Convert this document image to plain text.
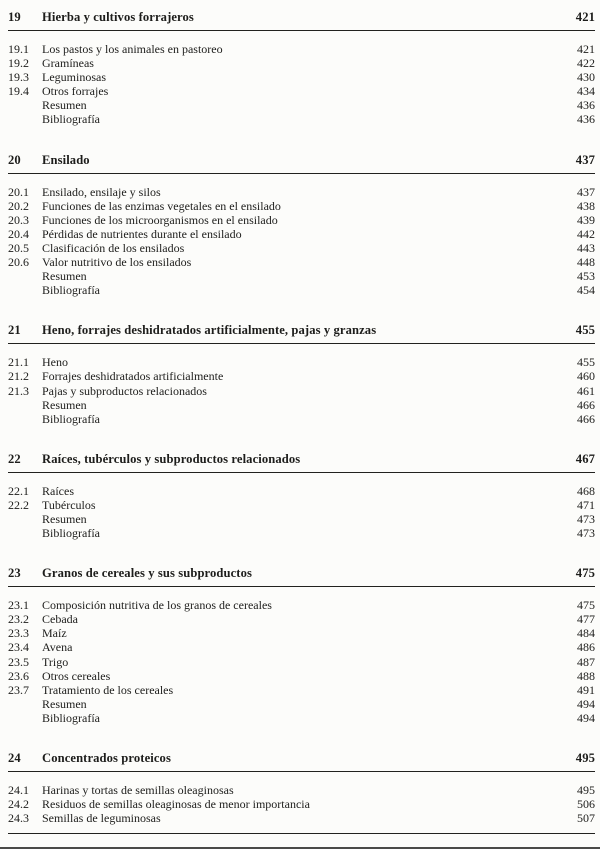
19	Hierba y cultivos forrajeros	421
19.1	Los pastos y los animales en pastoreo	421
19.2	Gramíneas	422
19.3	Leguminosas	430
19.4	Otros forrajes	434
Resumen	436
Bibliografía	436
20	Ensilado	437
20.1	Ensilado, ensilaje y silos	437
20.2	Funciones de las enzimas vegetales en el ensilado	438
20.3	Funciones de los microorganismos en el ensilado	439
20.4	Pérdidas de nutrientes durante el ensilado	442
20.5	Clasificación de los ensilados	443
20.6	Valor nutritivo de los ensilados	448
Resumen	453
Bibliografía	454
21	Heno, forrajes deshidratados artificialmente, pajas y granzas	455
21.1	Heno	455
21.2	Forrajes deshidratados artificialmente	460
21.3	Pajas y subproductos relacionados	461
Resumen	466
Bibliografía	466
22	Raíces, tubérculos y subproductos relacionados	467
22.1	Raíces	468
22.2	Tubérculos	471
Resumen	473
Bibliografía	473
23	Granos de cereales y sus subproductos	475
23.1	Composición nutritiva de los granos de cereales	475
23.2	Cebada	477
23.3	Maíz	484
23.4	Avena	486
23.5	Trigo	487
23.6	Otros cereales	488
23.7	Tratamiento de los cereales	491
Resumen	494
Bibliografía	494
24	Concentrados proteicos	495
24.1	Harinas y tortas de semillas oleaginosas	495
24.2	Residuos de semillas oleaginosas de menor importancia	506
24.3	Semillas de leguminosas	507
